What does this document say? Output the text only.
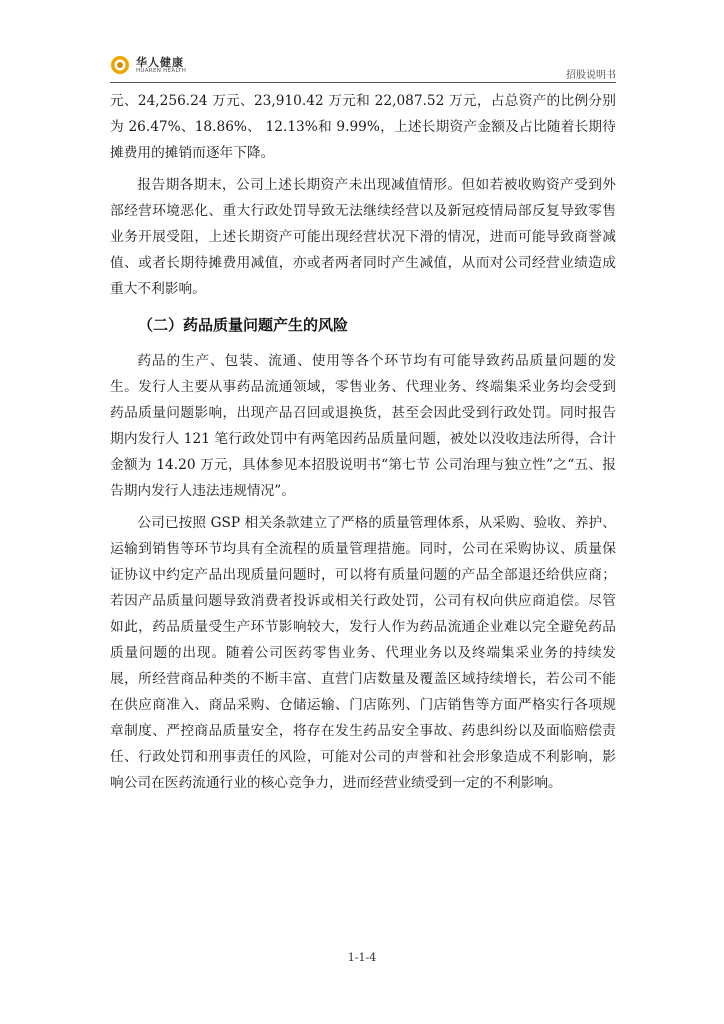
华人健康
HUAREN HEALTH	招股说明书

元、24,256.24 万元、23,910.42 万元和 22,087.52 万元，占总资产的比例分别为 26.47%、18.86%、 12.13%和 9.99%，上述长期资产金额及占比随着长期待摊费用的摊销而逐年下降。

报告期各期末，公司上述长期资产未出现减值情形。但如若被收购资产受到外部经营环境恶化、重大行政处罚导致无法继续经营以及新冠疫情局部反复导致零售业务开展受阻，上述长期资产可能出现经营状况下滑的情况，进而可能导致商誉减值、或者长期待摊费用减值，亦或者两者同时产生减值，从而对公司经营业绩造成重大不利影响。

（二）药品质量问题产生的风险

药品的生产、包装、流通、使用等各个环节均有可能导致药品质量问题的发生。发行人主要从事药品流通领域，零售业务、代理业务、终端集采业务均会受到药品质量问题影响，出现产品召回或退换货，甚至会因此受到行政处罚。同时报告期内发行人 121 笔行政处罚中有两笔因药品质量问题，被处以没收违法所得，合计金额为 14.20 万元，具体参见本招股说明书“第七节 公司治理与独立性”之“五、报告期内发行人违法违规情况”。

公司已按照 GSP 相关条款建立了严格的质量管理体系，从采购、验收、养护、运输到销售等环节均具有全流程的质量管理措施。同时，公司在采购协议、质量保证协议中约定产品出现质量问题时，可以将有质量问题的产品全部退还给供应商；若因产品质量问题导致消费者投诉或相关行政处罚，公司有权向供应商追偿。尽管如此，药品质量受生产环节影响较大，发行人作为药品流通企业难以完全避免药品质量问题的出现。随着公司医药零售业务、代理业务以及终端集采业务的持续发展，所经营商品种类的不断丰富、直营门店数量及覆盖区域持续增长，若公司不能在供应商准入、商品采购、仓储运输、门店陈列、门店销售等方面严格实行各项规章制度、严控商品质量安全，将存在发生药品安全事故、药患纠纷以及面临赔偿责任、行政处罚和刑事责任的风险，可能对公司的声誉和社会形象造成不利影响，影响公司在医药流通行业的核心竞争力，进而经营业绩受到一定的不利影响。

1-1-4
